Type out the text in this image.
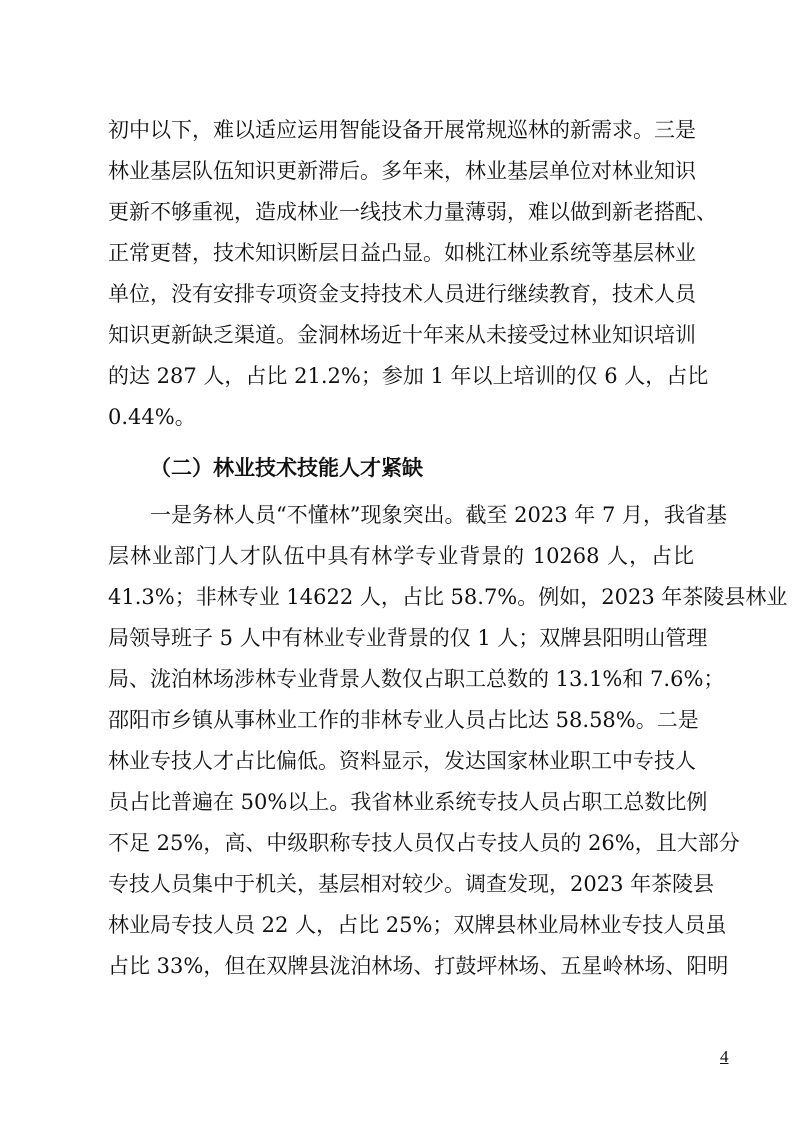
初中以下，难以适应运用智能设备开展常规巡林的新需求。三是
林业基层队伍知识更新滞后。多年来，林业基层单位对林业知识
更新不够重视，造成林业一线技术力量薄弱，难以做到新老搭配、
正常更替，技术知识断层日益凸显。如桃江林业系统等基层林业
单位，没有安排专项资金支持技术人员进行继续教育，技术人员
知识更新缺乏渠道。金洞林场近十年来从未接受过林业知识培训
的达 287 人，占比 21.2%；参加 1 年以上培训的仅 6 人，占比
0.44%。
（二）林业技术技能人才紧缺
一是务林人员“不懂林”现象突出。截至 2023 年 7 月，我省基
层林业部门人才队伍中具有林学专业背景的 10268 人，占比
41.3%；非林专业 14622 人，占比 58.7%。例如，2023 年茶陵县林业
局领导班子 5 人中有林业专业背景的仅 1 人；双牌县阳明山管理
局、泷泊林场涉林专业背景人数仅占职工总数的 13.1%和 7.6%；
邵阳市乡镇从事林业工作的非林专业人员占比达 58.58%。二是
林业专技人才占比偏低。资料显示，发达国家林业职工中专技人
员占比普遍在 50%以上。我省林业系统专技人员占职工总数比例
不足 25%，高、中级职称专技人员仅占专技人员的 26%，且大部分
专技人员集中于机关，基层相对较少。调查发现，2023 年茶陵县
林业局专技人员 22 人，占比 25%；双牌县林业局林业专技人员虽
占比 33%，但在双牌县泷泊林场、打鼓坪林场、五星岭林场、阳明
4
